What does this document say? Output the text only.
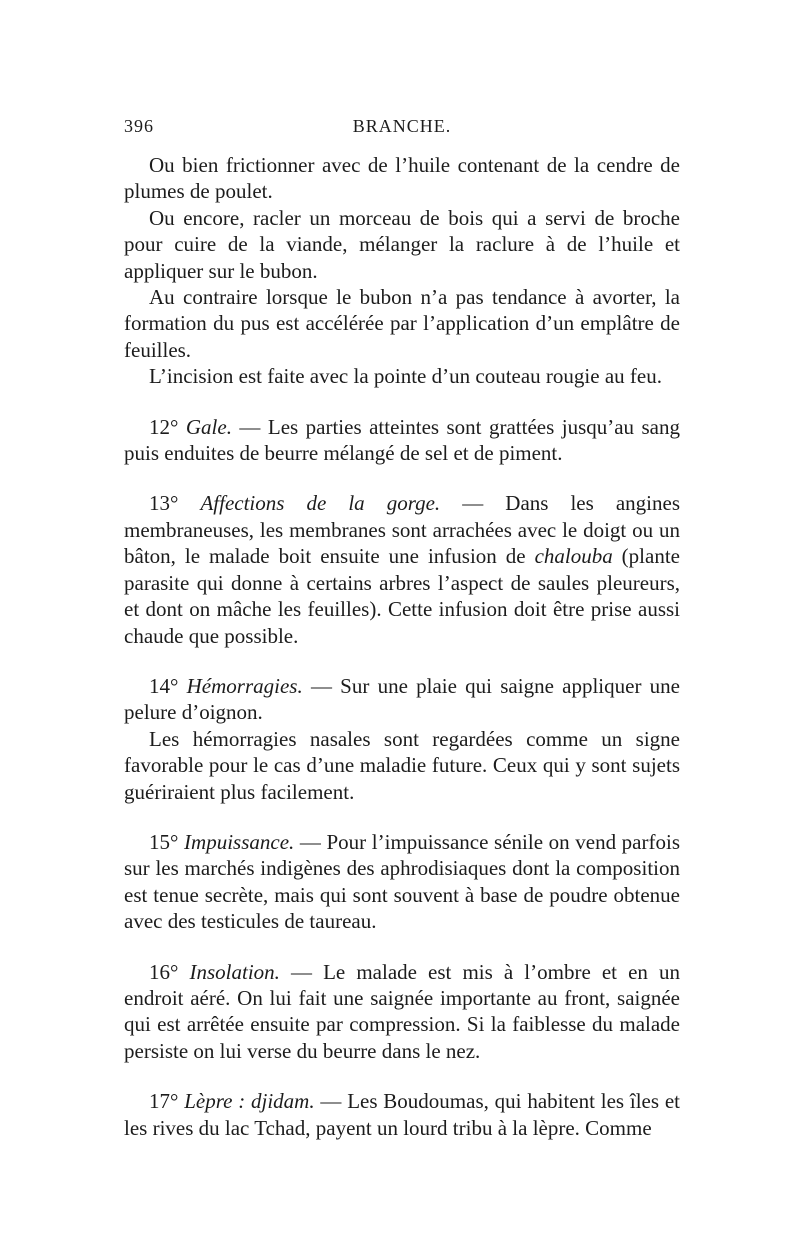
396	BRANCHE.

Ou bien frictionner avec de l’huile contenant de la cendre de plumes de poulet.

Ou encore, racler un morceau de bois qui a servi de broche pour cuire de la viande, mélanger la raclure à de l’huile et appliquer sur le bubon.

Au contraire lorsque le bubon n’a pas tendance à avorter, la formation du pus est accélérée par l’application d’un emplâtre de feuilles.

L’incision est faite avec la pointe d’un couteau rougie au feu.

12° Gale. — Les parties atteintes sont grattées jusqu’au sang puis enduites de beurre mélangé de sel et de piment.

13° Affections de la gorge. — Dans les angines membraneuses, les membranes sont arrachées avec le doigt ou un bâton, le malade boit ensuite une infusion de chalouba (plante parasite qui donne à certains arbres l’aspect de saules pleureurs, et dont on mâche les feuilles). Cette infusion doit être prise aussi chaude que possible.

14° Hémorragies. — Sur une plaie qui saigne appliquer une pelure d’oignon.

Les hémorragies nasales sont regardées comme un signe favorable pour le cas d’une maladie future. Ceux qui y sont sujets guériraient plus facilement.

15° Impuissance. — Pour l’impuissance sénile on vend parfois sur les marchés indigènes des aphrodisiaques dont la composition est tenue secrète, mais qui sont souvent à base de poudre obtenue avec des testicules de taureau.

16° Insolation. — Le malade est mis à l’ombre et en un endroit aéré. On lui fait une saignée importante au front, saignée qui est arrêtée ensuite par compression. Si la faiblesse du malade persiste on lui verse du beurre dans le nez.

17° Lèpre : djidam. — Les Boudoumas, qui habitent les îles et les rives du lac Tchad, payent un lourd tribu à la lèpre. Comme
